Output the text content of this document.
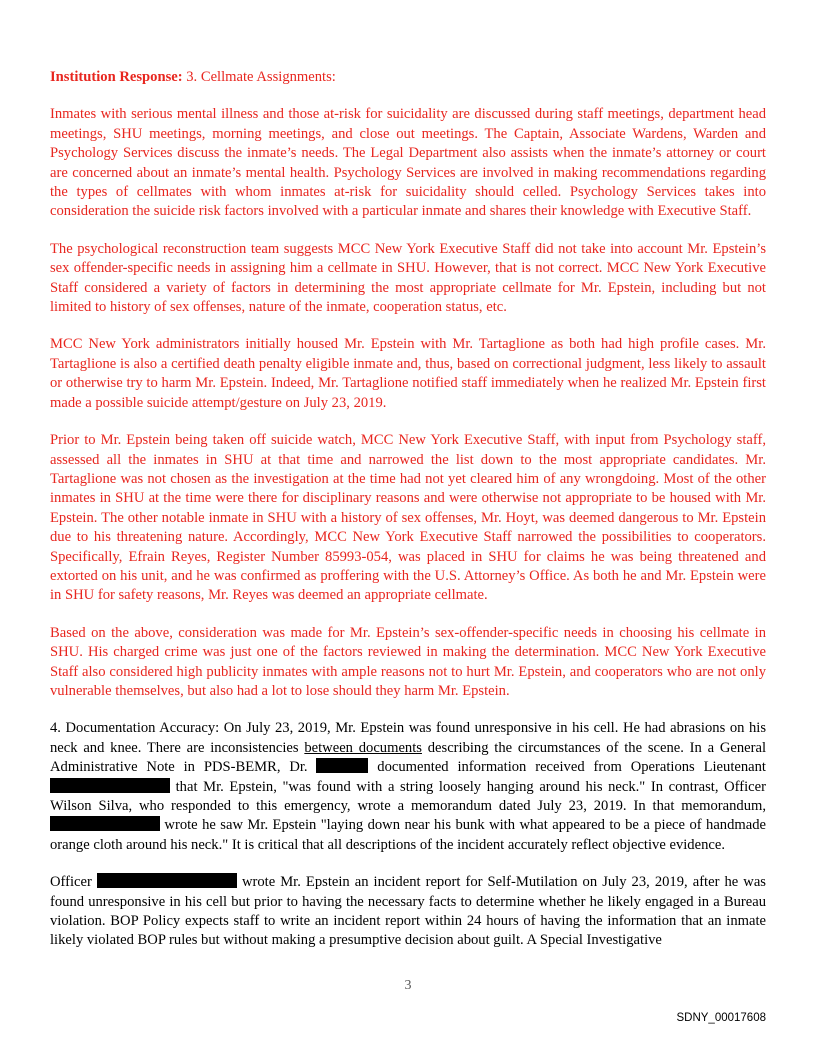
Institution Response: 3. Cellmate Assignments:

Inmates with serious mental illness and those at-risk for suicidality are discussed during staff meetings, department head meetings, SHU meetings, morning meetings, and close out meetings. The Captain, Associate Wardens, Warden and Psychology Services discuss the inmate’s needs. The Legal Department also assists when the inmate’s attorney or court are concerned about an inmate’s mental health. Psychology Services are involved in making recommendations regarding the types of cellmates with whom inmates at-risk for suicidality should celled. Psychology Services takes into consideration the suicide risk factors involved with a particular inmate and shares their knowledge with Executive Staff.

The psychological reconstruction team suggests MCC New York Executive Staff did not take into account Mr. Epstein’s sex offender-specific needs in assigning him a cellmate in SHU. However, that is not correct. MCC New York Executive Staff considered a variety of factors in determining the most appropriate cellmate for Mr. Epstein, including but not limited to history of sex offenses, nature of the inmate, cooperation status, etc.

MCC New York administrators initially housed Mr. Epstein with Mr. Tartaglione as both had high profile cases. Mr. Tartaglione is also a certified death penalty eligible inmate and, thus, based on correctional judgment, less likely to assault or otherwise try to harm Mr. Epstein. Indeed, Mr. Tartaglione notified staff immediately when he realized Mr. Epstein first made a possible suicide attempt/gesture on July 23, 2019.

Prior to Mr. Epstein being taken off suicide watch, MCC New York Executive Staff, with input from Psychology staff, assessed all the inmates in SHU at that time and narrowed the list down to the most appropriate candidates. Mr. Tartaglione was not chosen as the investigation at the time had not yet cleared him of any wrongdoing. Most of the other inmates in SHU at the time were there for disciplinary reasons and were otherwise not appropriate to be housed with Mr. Epstein. The other notable inmate in SHU with a history of sex offenses, Mr. Hoyt, was deemed dangerous to Mr. Epstein due to his threatening nature. Accordingly, MCC New York Executive Staff narrowed the possibilities to cooperators. Specifically, Efrain Reyes, Register Number 85993-054, was placed in SHU for claims he was being threatened and extorted on his unit, and he was confirmed as proffering with the U.S. Attorney’s Office. As both he and Mr. Epstein were in SHU for safety reasons, Mr. Reyes was deemed an appropriate cellmate.

Based on the above, consideration was made for Mr. Epstein’s sex-offender-specific needs in choosing his cellmate in SHU. His charged crime was just one of the factors reviewed in making the determination. MCC New York Executive Staff also considered high publicity inmates with ample reasons not to hurt Mr. Epstein, and cooperators who are not only vulnerable themselves, but also had a lot to lose should they harm Mr. Epstein.

4. Documentation Accuracy: On July 23, 2019, Mr. Epstein was found unresponsive in his cell. He had abrasions on his neck and knee. There are inconsistencies between documents describing the circumstances of the scene. In a General Administrative Note in PDS-BEMR, Dr.	documented information received from Operations Lieutenant  that Mr. Epstein, "was found with a string loosely hanging around his neck." In contrast, Officer Wilson Silva, who responded to this emergency, wrote a memorandum dated July 23, 2019. In that memorandum,  wrote he saw Mr. Epstein "laying down near his bunk with what appeared to be a piece of handmade orange cloth around his neck." It is critical that all descriptions of the incident accurately reflect objective evidence.

Officer	wrote Mr. Epstein an incident report for Self-Mutilation on July 23, 2019, after he was found unresponsive in his cell but prior to having the necessary facts to determine whether he likely engaged in a Bureau violation. BOP Policy expects staff to write an incident report within 24 hours of having the information that an inmate likely violated BOP rules but without making a presumptive decision about guilt. A Special Investigative

3
SDNY_00017608
